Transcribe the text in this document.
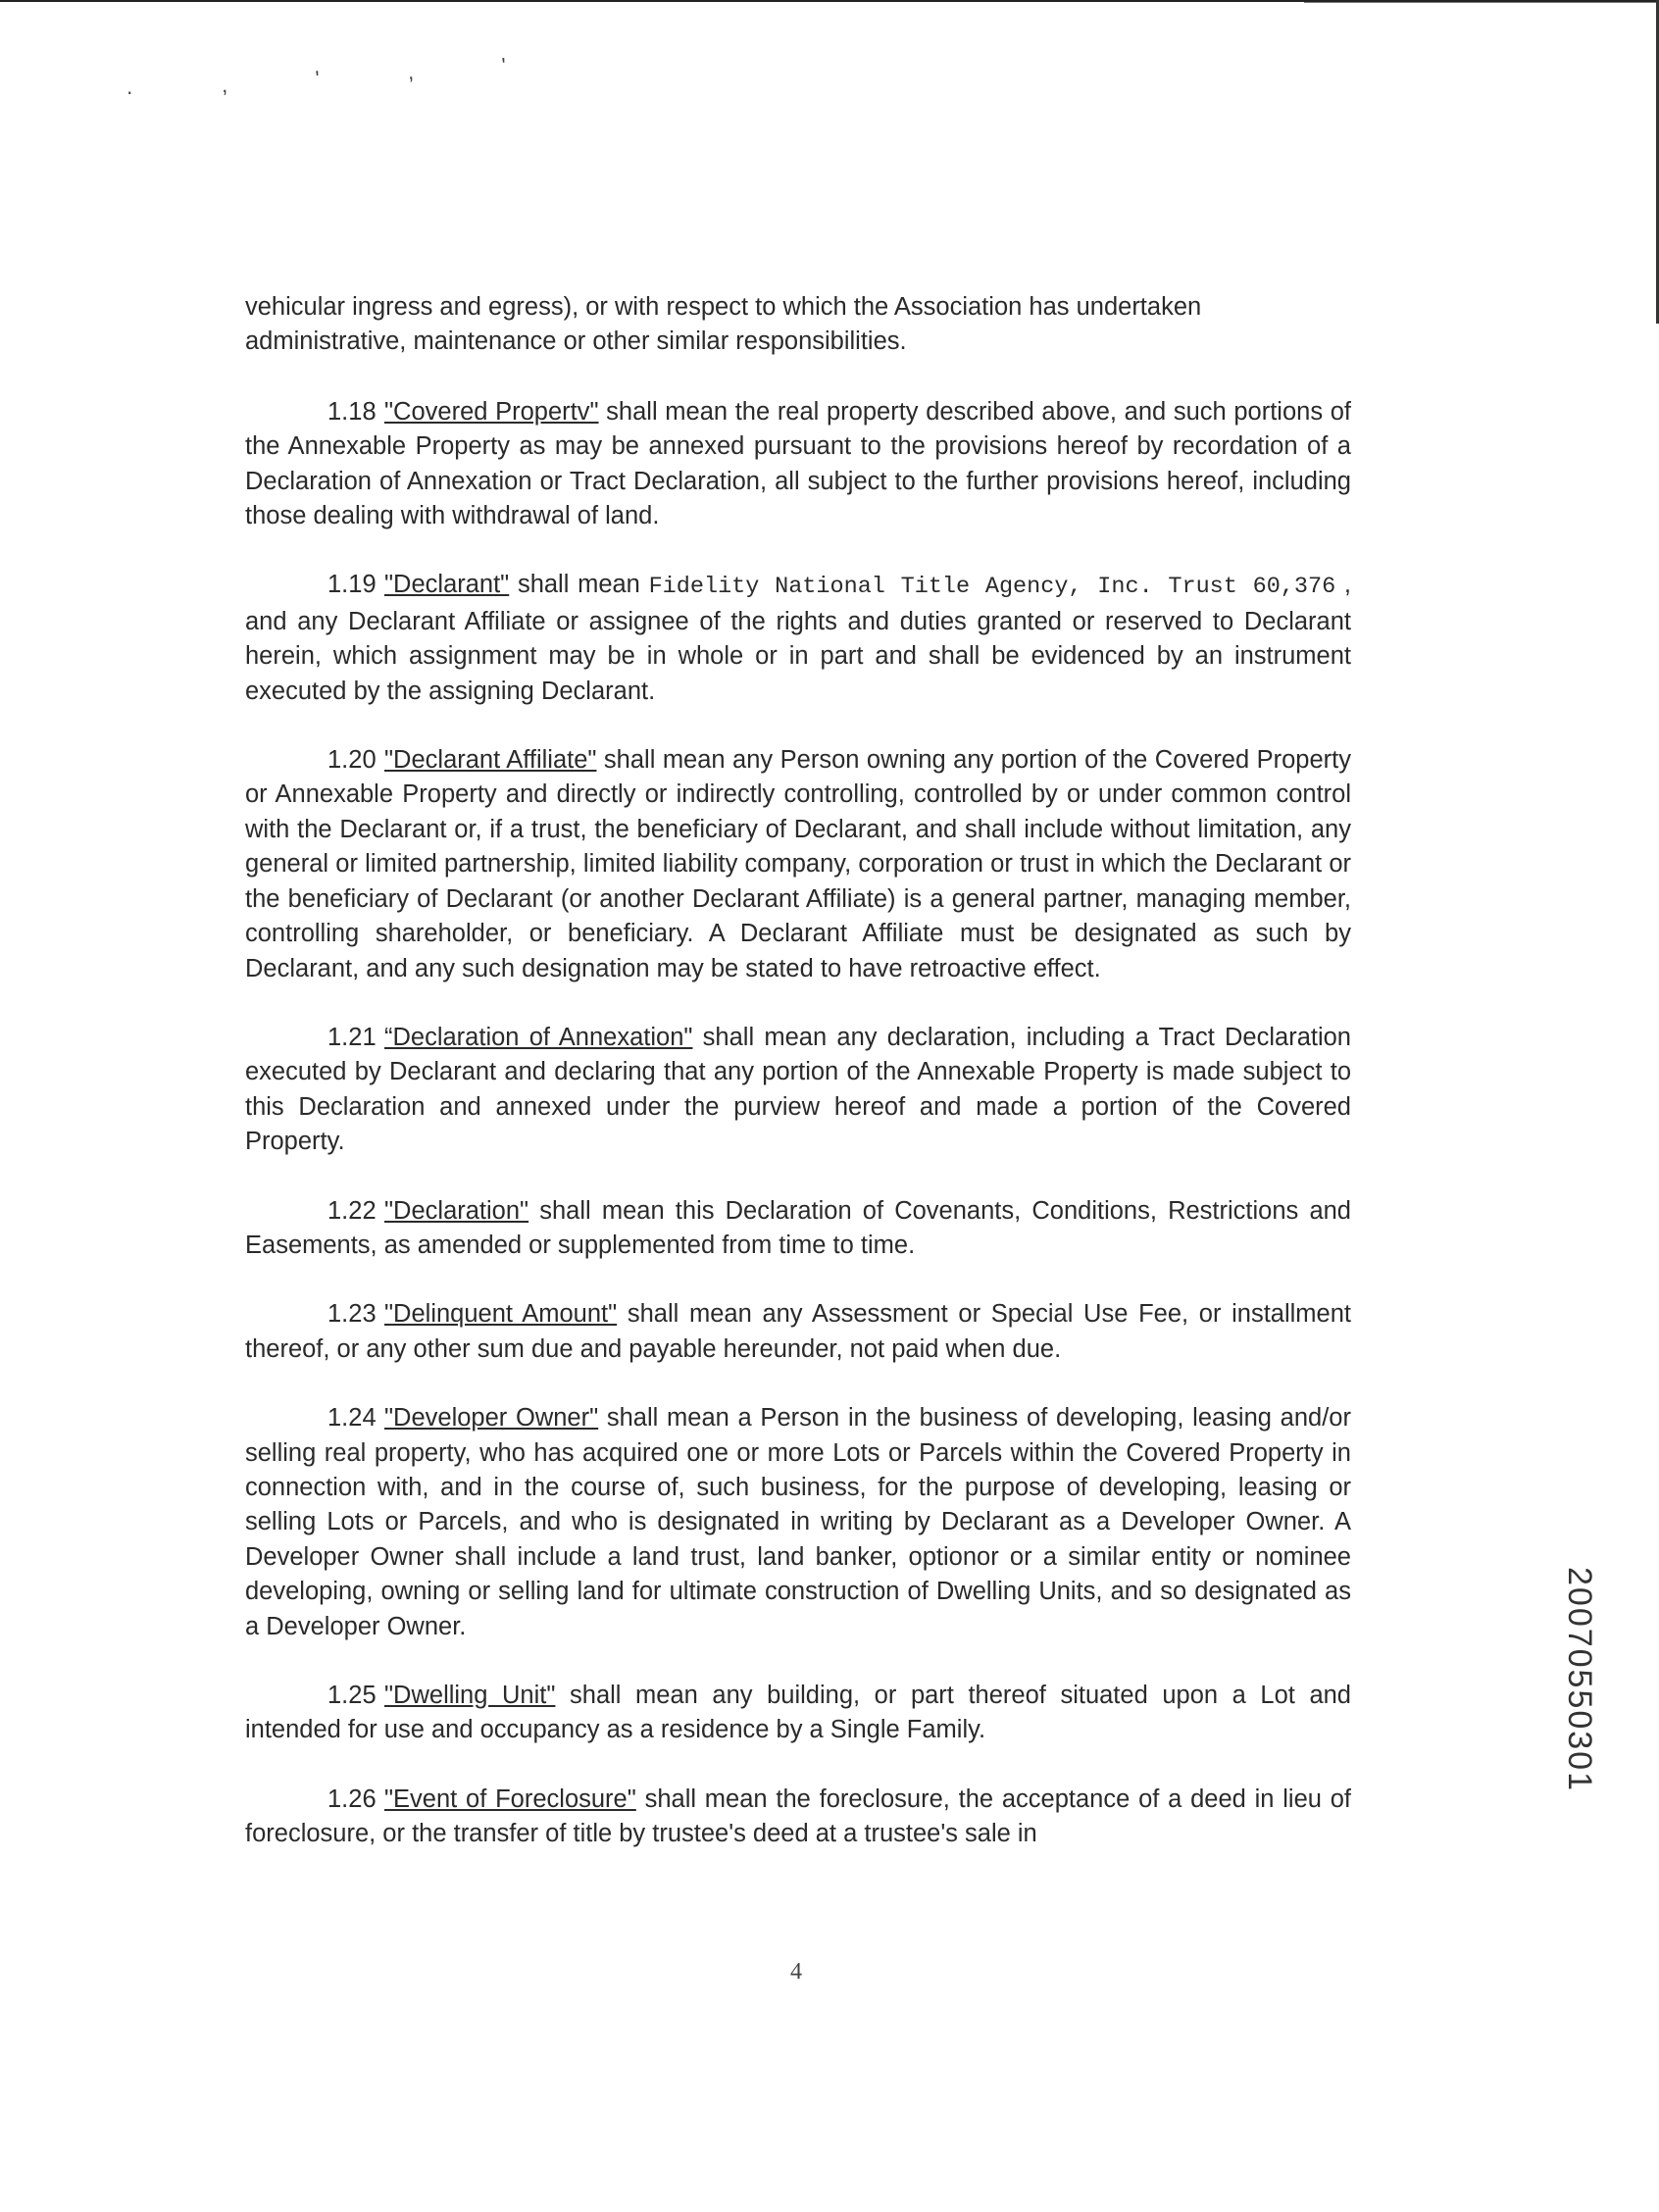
· , ' , '

vehicular ingress and egress), or with respect to which the Association has undertaken administrative, maintenance or other similar responsibilities.

1.18 "Covered Propertv" shall mean the real property described above, and such portions of the Annexable Property as may be annexed pursuant to the provisions hereof by recordation of a Declaration of Annexation or Tract Declaration, all subject to the further provisions hereof, including those dealing with withdrawal of land.

1.19 "Declarant" shall mean Fidelity National Title Agency, Inc. Trust 60,376 , and any Declarant Affiliate or assignee of the rights and duties granted or reserved to Declarant herein, which assignment may be in whole or in part and shall be evidenced by an instrument executed by the assigning Declarant.

1.20 "Declarant Affiliate" shall mean any Person owning any portion of the Covered Property or Annexable Property and directly or indirectly controlling, controlled by or under common control with the Declarant or, if a trust, the beneficiary of Declarant, and shall include without limitation, any general or limited partnership, limited liability company, corporation or trust in which the Declarant or the beneficiary of Declarant (or another Declarant Affiliate) is a general partner, managing member, controlling shareholder, or beneficiary. A Declarant Affiliate must be designated as such by Declarant, and any such designation may be stated to have retroactive effect.

1.21 “Declaration of Annexation" shall mean any declaration, including a Tract Declaration executed by Declarant and declaring that any portion of the Annexable Property is made subject to this Declaration and annexed under the purview hereof and made a portion of the Covered Property.

1.22 "Declaration" shall mean this Declaration of Covenants, Conditions, Restrictions and Easements, as amended or supplemented from time to time.

1.23 "Delinquent Amount" shall mean any Assessment or Special Use Fee, or installment thereof, or any other sum due and payable hereunder, not paid when due.

1.24 "Developer Owner" shall mean a Person in the business of developing, leasing and/or selling real property, who has acquired one or more Lots or Parcels within the Covered Property in connection with, and in the course of, such business, for the purpose of developing, leasing or selling Lots or Parcels, and who is designated in writing by Declarant as a Developer Owner. A Developer Owner shall include a land trust, land banker, optionor or a similar entity or nominee developing, owning or selling land for ultimate construction of Dwelling Units, and so designated as a Developer Owner.

1.25 "Dwelling Unit" shall mean any building, or part thereof situated upon a Lot and intended for use and occupancy as a residence by a Single Family.

1.26 "Event of Foreclosure" shall mean the foreclosure, the acceptance of a deed in lieu of foreclosure, or the transfer of title by trustee's deed at a trustee's sale in

4
20070550301
